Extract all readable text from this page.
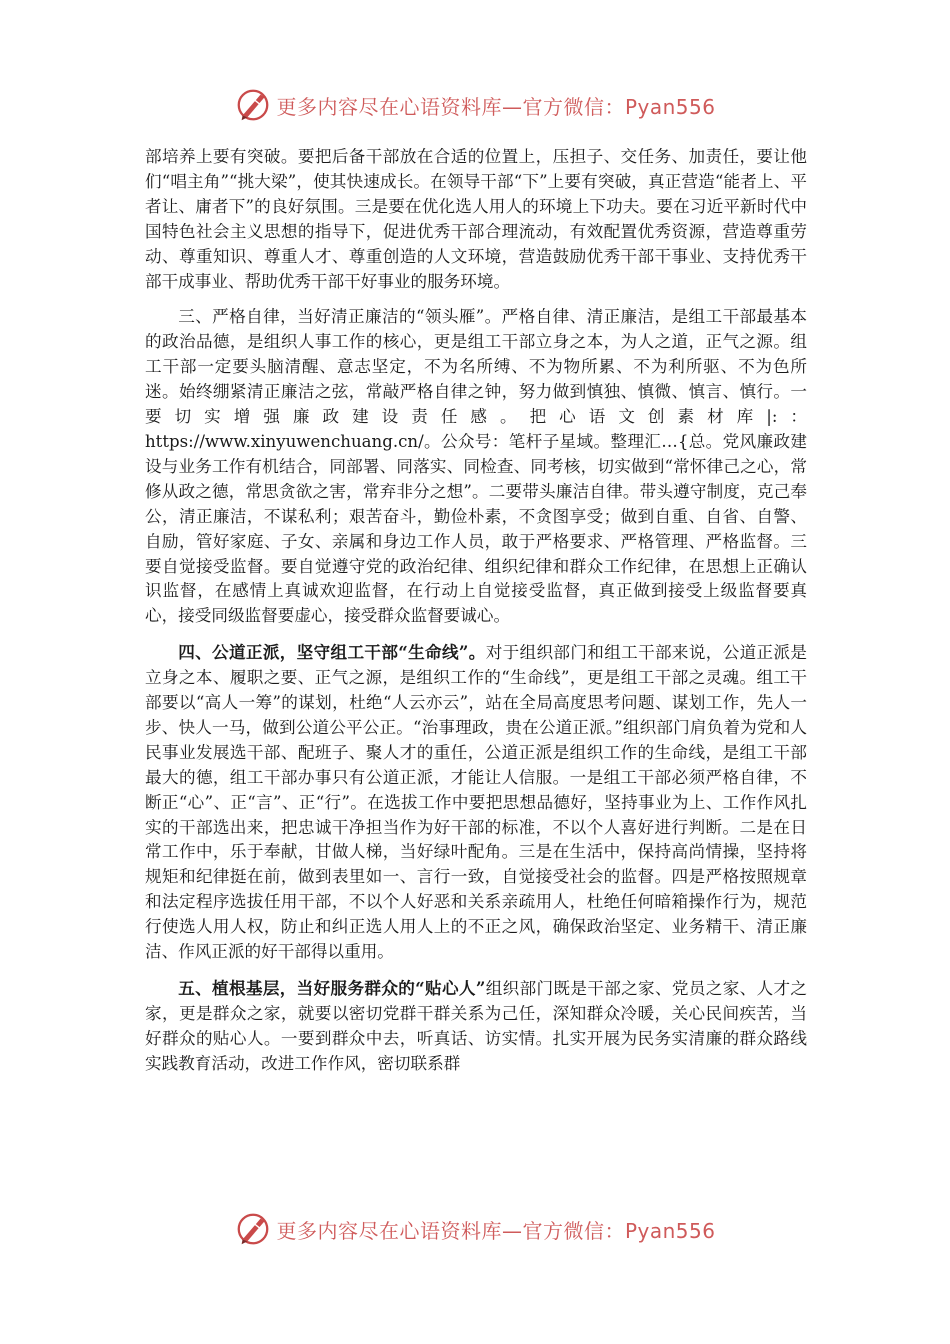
更多内容尽在心语资料库—官方微信：Pyan556

部培养上要有突破。要把后备干部放在合适的位置上，压担子、交任务、加责任，要让他们“唱主角”“挑大梁”，使其快速成长。在领导干部“下”上要有突破，真正营造“能者上、平者让、庸者下”的良好氛围。三是要在优化选人用人的环境上下功夫。要在习近平新时代中国特色社会主义思想的指导下，促进优秀干部合理流动，有效配置优秀资源，营造尊重劳动、尊重知识、尊重人才、尊重创造的人文环境，营造鼓励优秀干部干事业、支持优秀干部干成事业、帮助优秀干部干好事业的服务环境。

三、严格自律，当好清正廉洁的“领头雁”。严格自律、清正廉洁，是组工干部最基本的政治品德，是组织人事工作的核心，更是组工干部立身之本，为人之道，正气之源。组工干部一定要头脑清醒、意志坚定，不为名所缚、不为物所累、不为利所驱、不为色所迷。始终绷紧清正廉洁之弦，常敲严格自律之钟，努力做到慎独、慎微、慎言、慎行。一要切实增强廉政建设责任感。把心语文创素材库|:：https://www.xinyuwenchuang.cn/。公众号：笔杆子星域。整理汇…{总。党风廉政建设与业务工作有机结合，同部署、同落实、同检查、同考核，切实做到“常怀律己之心，常修从政之德，常思贪欲之害，常弃非分之想”。二要带头廉洁自律。带头遵守制度，克己奉公，清正廉洁，不谋私利；艰苦奋斗，勤俭朴素，不贪图享受；做到自重、自省、自警、自励，管好家庭、子女、亲属和身边工作人员，敢于严格要求、严格管理、严格监督。三要自觉接受监督。要自觉遵守党的政治纪律、组织纪律和群众工作纪律，在思想上正确认识监督，在感情上真诚欢迎监督，在行动上自觉接受监督，真正做到接受上级监督要真心，接受同级监督要虚心，接受群众监督要诚心。

四、公道正派，坚守组工干部“生命线”。对于组织部门和组工干部来说，公道正派是立身之本、履职之要、正气之源，是组织工作的“生命线”，更是组工干部之灵魂。组工干部要以“高人一筹”的谋划，杜绝“人云亦云”，站在全局高度思考问题、谋划工作，先人一步、快人一马，做到公道公平公正。“治事理政，贵在公道正派。”组织部门肩负着为党和人民事业发展选干部、配班子、聚人才的重任，公道正派是组织工作的生命线，是组工干部最大的德，组工干部办事只有公道正派，才能让人信服。一是组工干部必须严格自律，不断正“心”、正“言”、正“行”。在选拔工作中要把思想品德好，坚持事业为上、工作作风扎实的干部选出来，把忠诚干净担当作为好干部的标准，不以个人喜好进行判断。二是在日常工作中，乐于奉献，甘做人梯，当好绿叶配角。三是在生活中，保持高尚情操，坚持将规矩和纪律挺在前，做到表里如一、言行一致，自觉接受社会的监督。四是严格按照规章和法定程序选拔任用干部，不以个人好恶和关系亲疏用人，杜绝任何暗箱操作行为，规范行使选人用人权，防止和纠正选人用人上的不正之风，确保政治坚定、业务精干、清正廉洁、作风正派的好干部得以重用。

五、植根基层，当好服务群众的“贴心人”组织部门既是干部之家、党员之家、人才之家，更是群众之家，就要以密切党群干群关系为己任，深知群众冷暖，关心民间疾苦，当好群众的贴心人。一要到群众中去，听真话、访实情。扎实开展为民务实清廉的群众路线实践教育活动，改进工作作风，密切联系群

更多内容尽在心语资料库—官方微信：Pyan556
